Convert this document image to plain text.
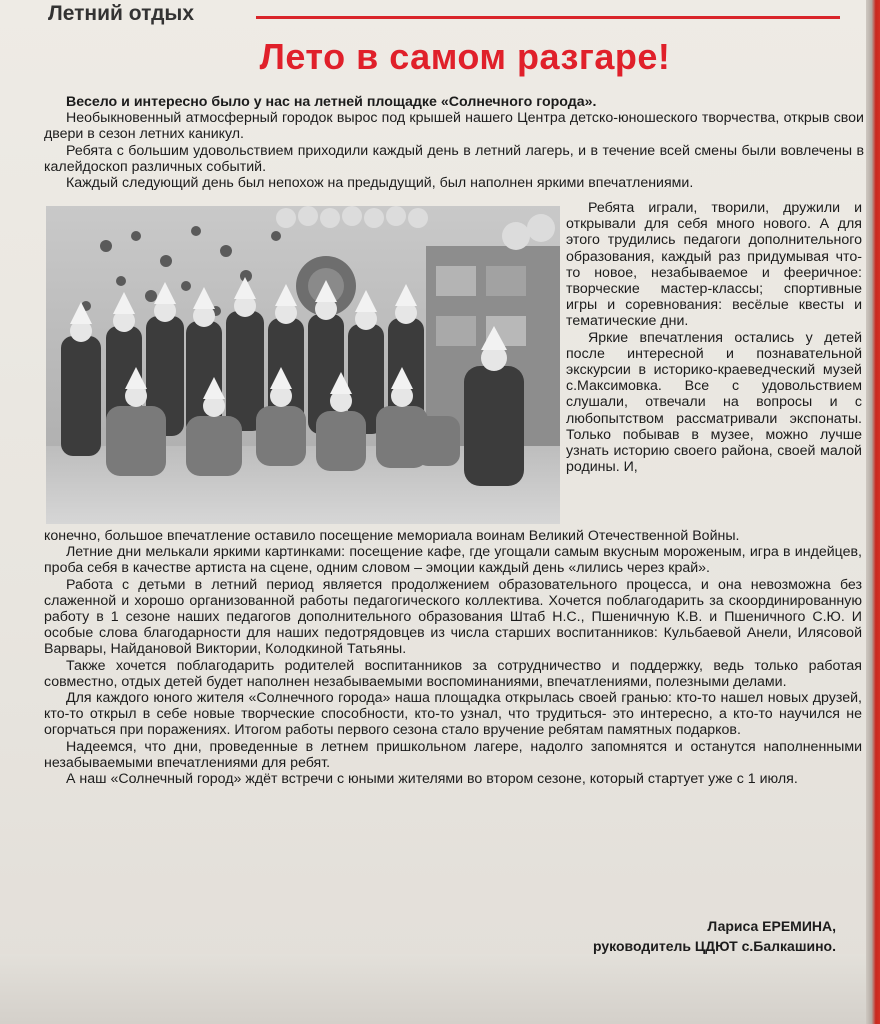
Летний отдых
Лето в самом разгаре!

Весело и интересно было у нас на летней площадке «Солнечного города».

Необыкновенный атмосферный городок вырос под крышей нашего Центра детско-юношеского творчества, открыв свои двери в сезон летних каникул.

Ребята с большим удовольствием приходили каждый день в летний лагерь, и в течение всей смены были вовлечены в калейдоскоп различных событий.

Каждый следующий день был непохож на предыдущий, был наполнен яркими впечатлениями.

Ребята играли, творили, дружили и открывали для себя много нового. А для этого трудились педагоги дополнительного образования, каждый раз придумывая что-то новое, незабываемое и фееричное: творческие мастер-классы; спортивные игры и соревнования: весёлые квесты и тематические дни.

Яркие впечатления остались у детей после интересной и познавательной экскурсии в историко-краеведческий музей с.Максимовка. Все с удовольствием слушали, отвечали на вопросы и с любопытством рассматривали экспонаты. Только побывав в музее, можно лучше узнать историю своего района, своей малой родины. И,

конечно, большое впечатление оставило посещение мемориала воинам Великий Отечественной Войны.

Летние дни мелькали яркими картинками: посещение кафе, где угощали самым вкусным мороженым, игра в индейцев, проба себя в качестве артиста на сцене, одним словом – эмоции каждый день «лились через край».

Работа с детьми в летний период является продолжением образовательного процесса, и она невозможна без слаженной и хорошо организованной работы педагогического коллектива. Хочется поблагодарить за скоординированную работу в 1 сезоне наших педагогов дополнительного образования Штаб Н.С., Пшеничную К.В. и Пшеничного С.Ю. И особые слова благодарности для наших педотрядовцев из числа старших воспитанников: Кульбаевой Анели, Илясовой Варвары, Найдановой Виктории, Колодкиной Татьяны.

Также хочется поблагодарить родителей воспитанников за сотрудничество и поддержку, ведь только работая совместно, отдых детей будет наполнен незабываемыми воспоминаниями, впечатлениями, полезными делами.

Для каждого юного жителя «Солнечного города» наша площадка открылась своей гранью: кто-то нашел новых друзей, кто-то открыл в себе новые творческие способности, кто-то узнал, что трудиться- это интересно, а кто-то научился не огорчаться при поражениях. Итогом работы первого сезона стало вручение ребятам памятных подарков.

Надеемся, что дни, проведенные в летнем пришкольном лагере, надолго запомнятся и останутся наполненными незабываемыми впечатлениями для ребят.

А наш «Солнечный город» ждёт встречи с юными жителями во втором сезоне, который стартует уже с 1 июля.

Лариса ЕРЕМИНА,
руководитель ЦДЮТ с.Балкашино.
